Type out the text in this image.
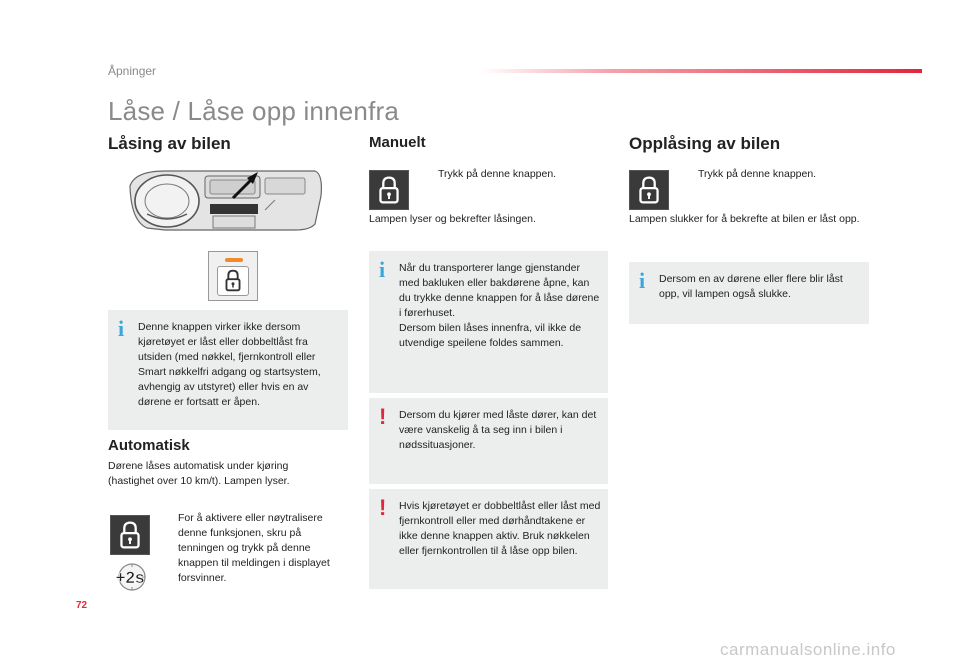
Åpninger
Låse / Låse opp innenfra
Låsing av bilen
i Denne knappen virker ikke dersom kjøretøyet er låst eller dobbeltlåst fra utsiden (med nøkkel, fjernkontroll eller Smart nøkkelfri adgang og startsystem, avhengig av utstyret) eller hvis en av dørene er fortsatt er åpen.
Automatisk
Dørene låses automatisk under kjøring (hastighet over 10 km/t). Lampen lyser.
For å aktivere eller nøytralisere denne funksjonen, skru på tenningen og trykk på denne knappen til meldingen i displayet forsvinner.
+2s
Manuelt
Trykk på denne knappen.
Lampen lyser og bekrefter låsingen.
i Når du transporterer lange gjenstander med bakluken eller bakdørene åpne, kan du trykke denne knappen for å låse dørene i førerhuset.
Dersom bilen låses innenfra, vil ikke de utvendige speilene foldes sammen.
! Dersom du kjører med låste dører, kan det være vanskelig å ta seg inn i bilen i nødssituasjoner.
! Hvis kjøretøyet er dobbeltlåst eller låst med fjernkontroll eller med dørhåndtakene er ikke denne knappen aktiv. Bruk nøkkelen eller fjernkontrollen til å låse opp bilen.
Opplåsing av bilen
Trykk på denne knappen.
Lampen slukker for å bekrefte at bilen er låst opp.
i Dersom en av dørene eller flere blir låst opp, vil lampen også slukke.
72
carmanualsonline.info
